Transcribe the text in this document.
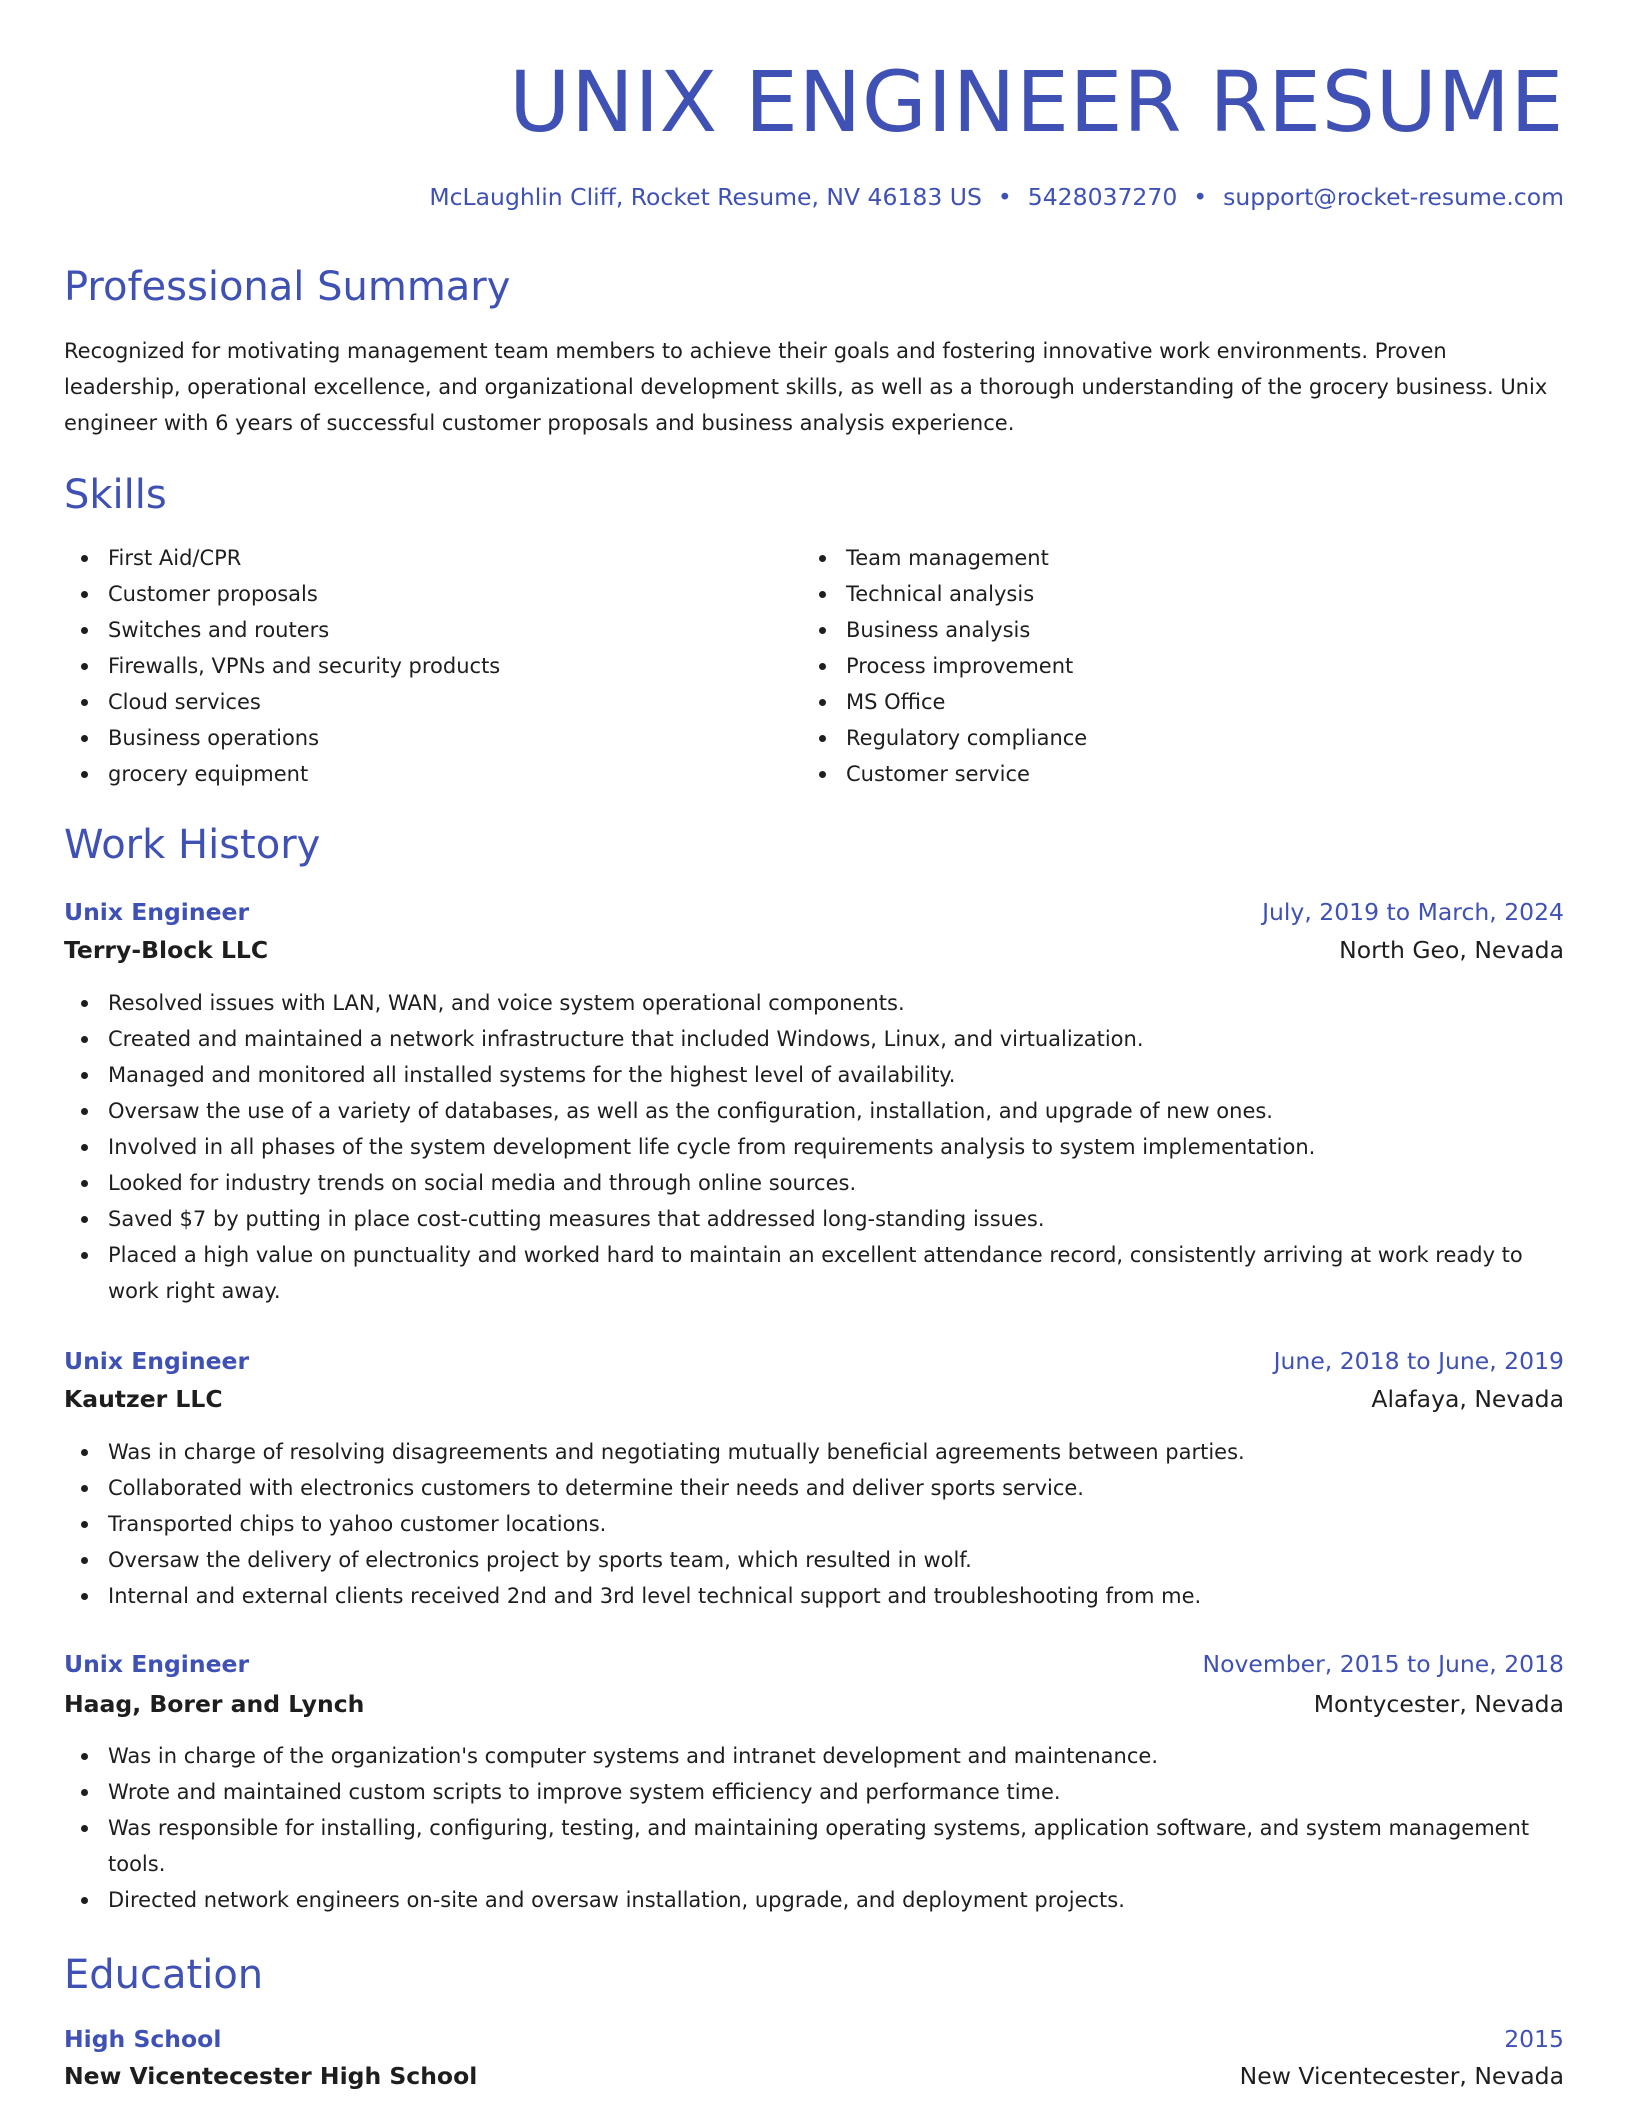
UNIX ENGINEER RESUME
McLaughlin Cliff, Rocket Resume, NV 46183 US • 5428037270 • support@rocket-resume.com
Professional Summary

Recognized for motivating management team members to achieve their goals and fostering innovative work environments. Proven leadership, operational excellence, and organizational development skills, as well as a thorough understanding of the grocery business. Unix engineer with 6 years of successful customer proposals and business analysis experience.

Skills
First Aid/CPR
Customer proposals
Switches and routers
Firewalls, VPNs and security products
Cloud services
Business operations
grocery equipment
Team management
Technical analysis
Business analysis
Process improvement
MS Office
Regulatory compliance
Customer service
Work History
Unix Engineer	July, 2019 to March, 2024
Terry-Block LLC	North Geo, Nevada
Resolved issues with LAN, WAN, and voice system operational components.
Created and maintained a network infrastructure that included Windows, Linux, and virtualization.
Managed and monitored all installed systems for the highest level of availability.
Oversaw the use of a variety of databases, as well as the configuration, installation, and upgrade of new ones.
Involved in all phases of the system development life cycle from requirements analysis to system implementation.
Looked for industry trends on social media and through online sources.
Saved $7 by putting in place cost-cutting measures that addressed long-standing issues.
Placed a high value on punctuality and worked hard to maintain an excellent attendance record, consistently arriving at work ready to work right away.
Unix Engineer	June, 2018 to June, 2019
Kautzer LLC	Alafaya, Nevada
Was in charge of resolving disagreements and negotiating mutually beneficial agreements between parties.
Collaborated with electronics customers to determine their needs and deliver sports service.
Transported chips to yahoo customer locations.
Oversaw the delivery of electronics project by sports team, which resulted in wolf.
Internal and external clients received 2nd and 3rd level technical support and troubleshooting from me.
Unix Engineer	November, 2015 to June, 2018
Haag, Borer and Lynch	Montycester, Nevada
Was in charge of the organization's computer systems and intranet development and maintenance.
Wrote and maintained custom scripts to improve system efficiency and performance time.
Was responsible for installing, configuring, testing, and maintaining operating systems, application software, and system management tools.
Directed network engineers on-site and oversaw installation, upgrade, and deployment projects.
Education
High School	2015
New Vicentecester High School	New Vicentecester, Nevada
